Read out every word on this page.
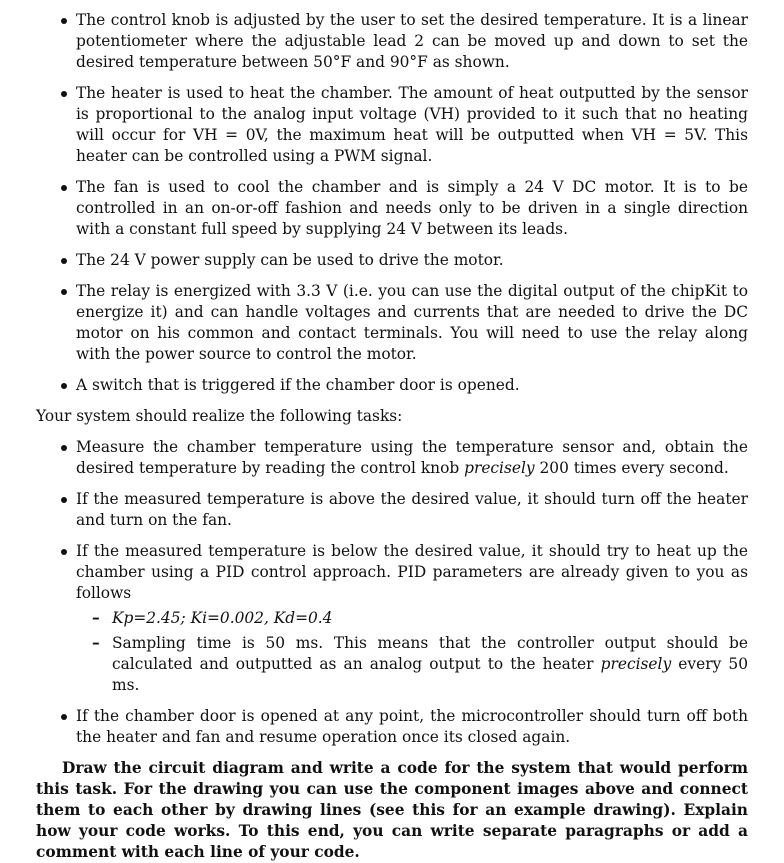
The control knob is adjusted by the user to set the desired temperature. It is a linear potentiometer where the adjustable lead 2 can be moved up and down to set the desired temperature between 50°F and 90°F as shown.
The heater is used to heat the chamber. The amount of heat outputted by the sensor is proportional to the analog input voltage (VH) provided to it such that no heating will occur for VH = 0V, the maximum heat will be outputted when VH = 5V. This heater can be controlled using a PWM signal.
The fan is used to cool the chamber and is simply a 24 V DC motor. It is to be controlled in an on-or-off fashion and needs only to be driven in a single direction with a constant full speed by supplying 24 V between its leads.
The 24 V power supply can be used to drive the motor.
The relay is energized with 3.3 V (i.e. you can use the digital output of the chipKit to energize it) and can handle voltages and currents that are needed to drive the DC motor on his common and contact terminals. You will need to use the relay along with the power source to control the motor.
A switch that is triggered if the chamber door is opened.

Your system should realize the following tasks:

Measure the chamber temperature using the temperature sensor and, obtain the desired temperature by reading the control knob precisely 200 times every second.
If the measured temperature is above the desired value, it should turn off the heater and turn on the fan.
If the measured temperature is below the desired value, it should try to heat up the chamber using a PID control approach. PID parameters are already given to you as follows
– Kp=2.45; Ki=0.002, Kd=0.4
– Sampling time is 50 ms. This means that the controller output should be calculated and outputted as an analog output to the heater precisely every 50 ms.
If the chamber door is opened at any point, the microcontroller should turn off both the heater and fan and resume operation once its closed again.

Draw the circuit diagram and write a code for the system that would perform this task. For the drawing you can use the component images above and connect them to each other by drawing lines (see this for an example drawing). Explain how your code works. To this end, you can write separate paragraphs or add a comment with each line of your code.
